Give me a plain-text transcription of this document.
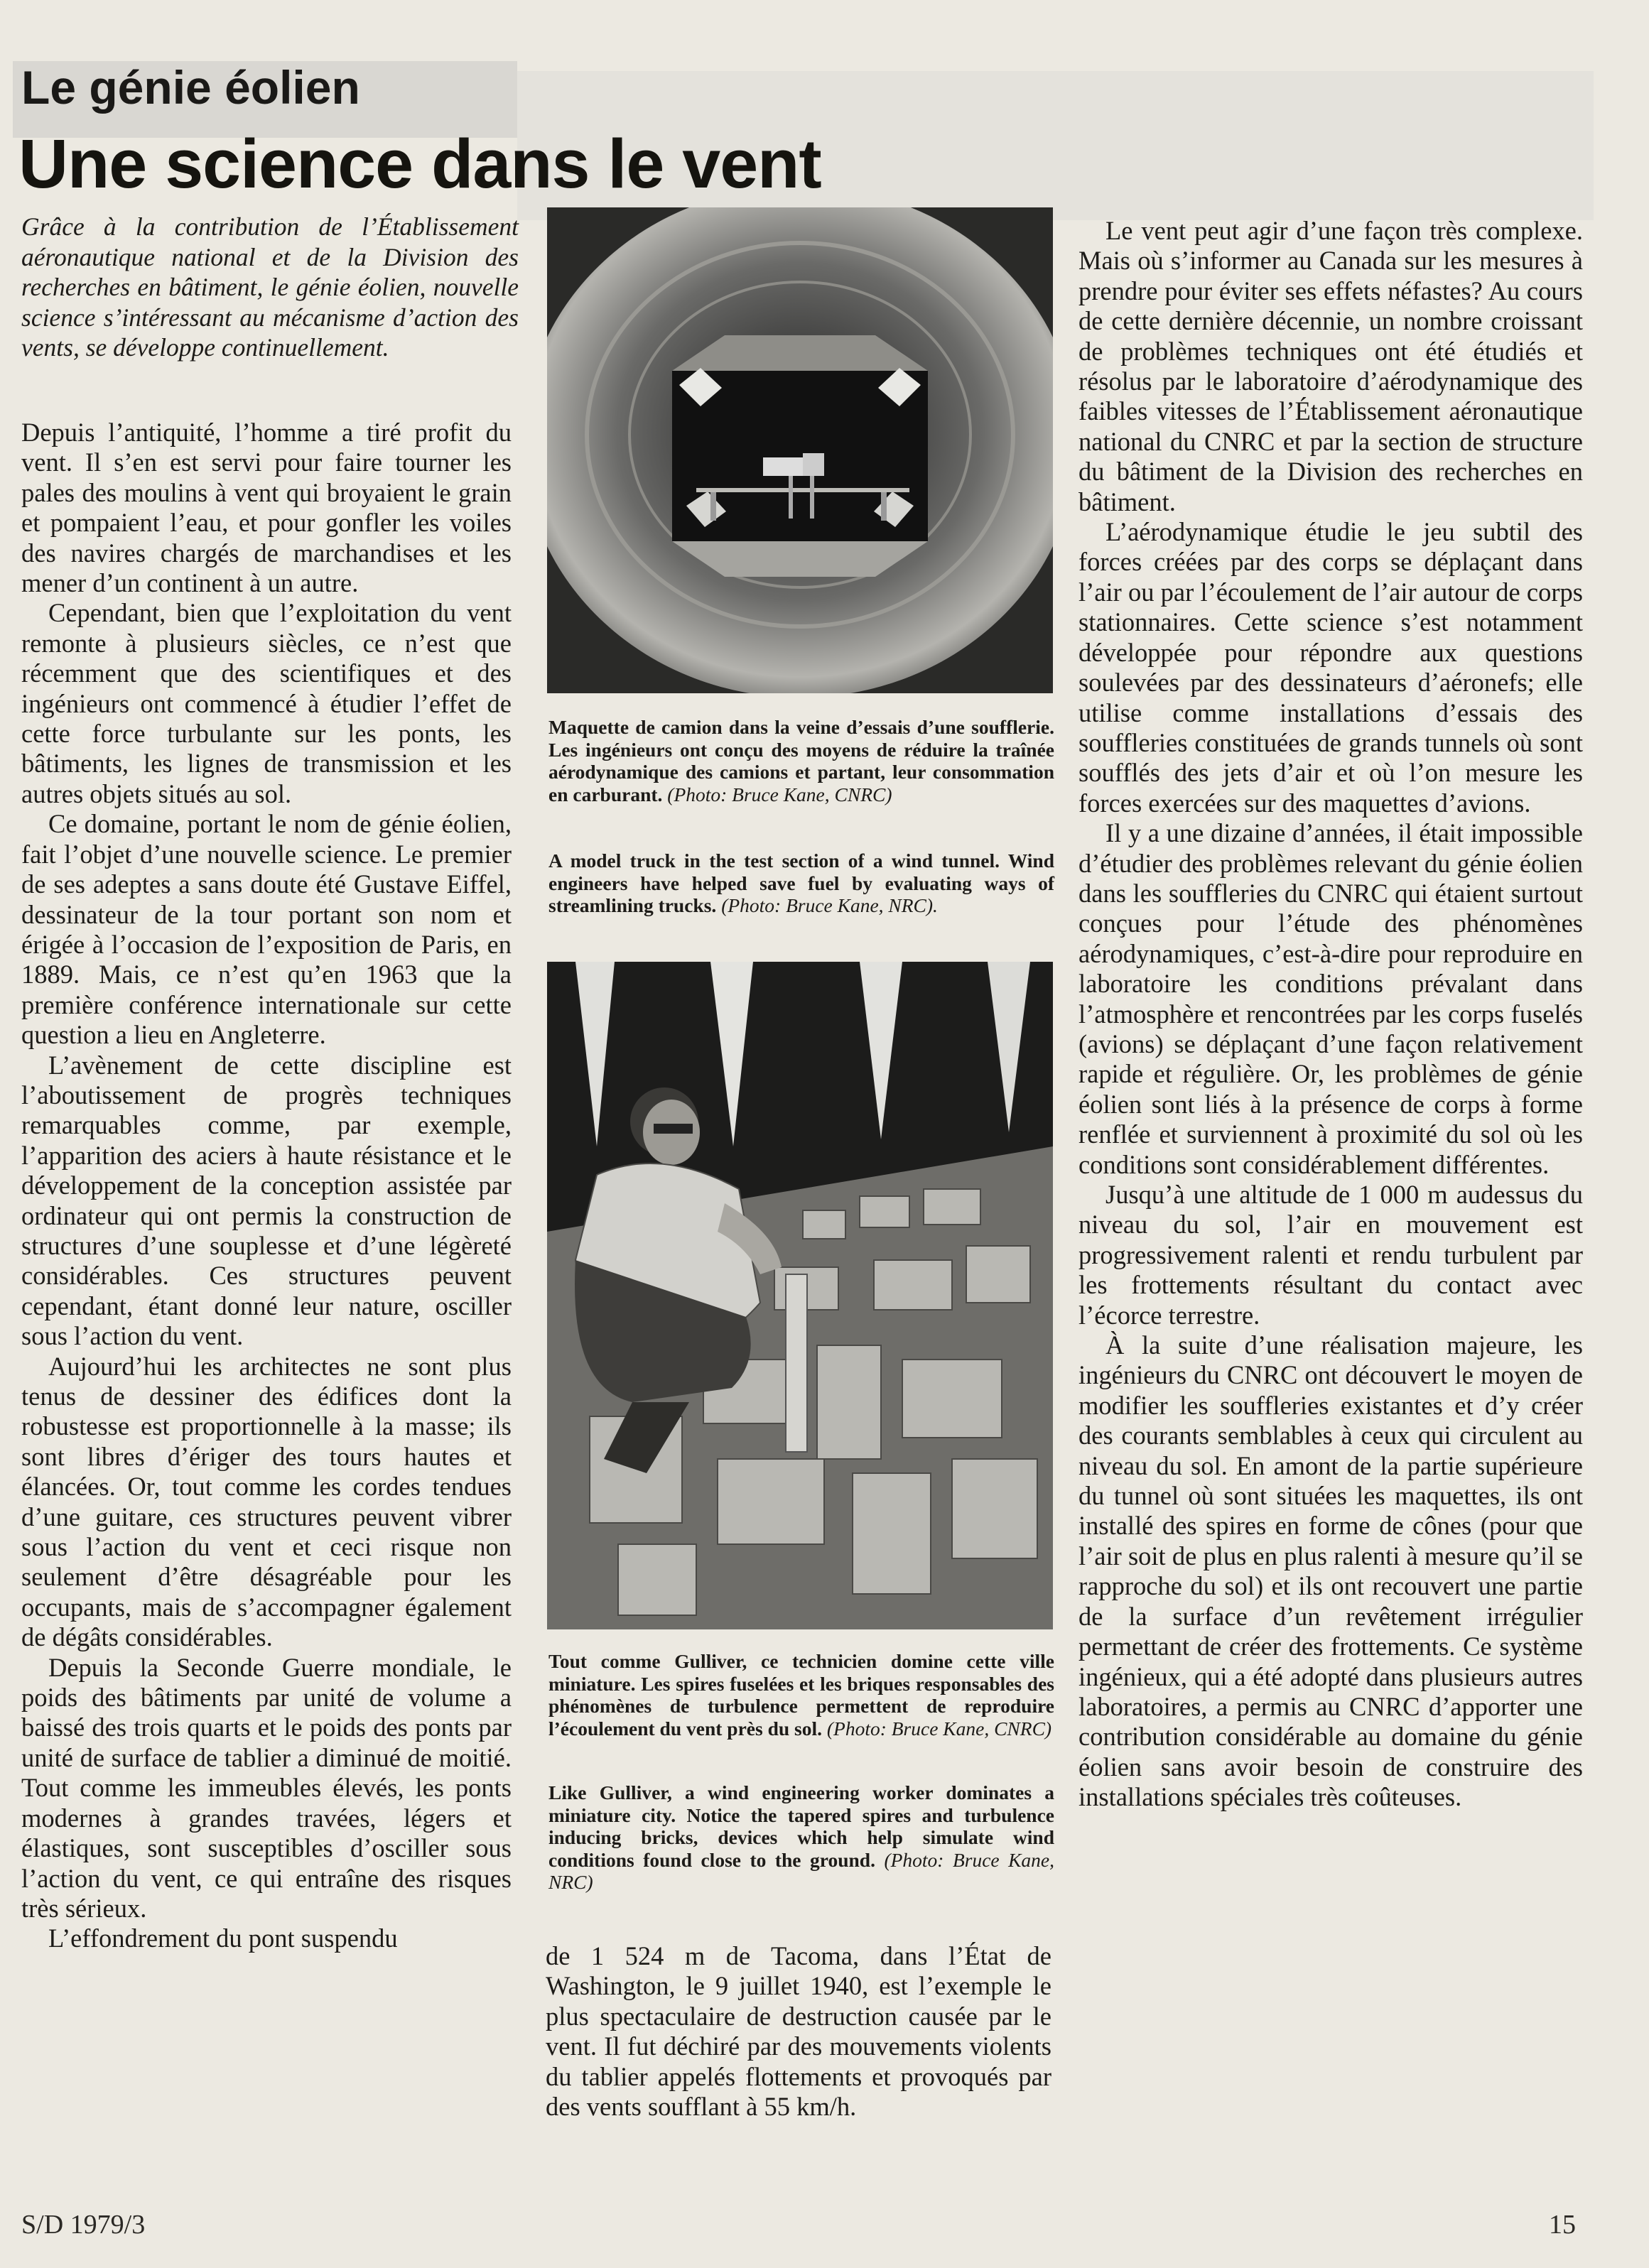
Le génie éolien
Une science dans le vent

Grâce à la contribution de l’Établissement aéronautique national et de la Division des recherches en bâtiment, le génie éolien, nouvelle science s’intéressant au mécanisme d’action des vents, se développe continuellement.

Depuis l’antiquité, l’homme a tiré profit du vent. Il s’en est servi pour faire tourner les pales des moulins à vent qui broyaient le grain et pompaient l’eau, et pour gonfler les voiles des navires chargés de marchandises et les mener d’un continent à un autre.

Cependant, bien que l’exploitation du vent remonte à plusieurs siècles, ce n’est que récemment que des scientifiques et des ingénieurs ont commencé à étudier l’effet de cette force turbulante sur les ponts, les bâtiments, les lignes de transmission et les autres objets situés au sol.

Ce domaine, portant le nom de génie éolien, fait l’objet d’une nouvelle science. Le premier de ses adeptes a sans doute été Gustave Eiffel, dessinateur de la tour portant son nom et érigée à l’occasion de l’exposition de Paris, en 1889. Mais, ce n’est qu’en 1963 que la première conférence internationale sur cette question a lieu en Angleterre.

L’avènement de cette discipline est l’aboutissement de progrès techniques remarquables comme, par exemple, l’apparition des aciers à haute résistance et le développement de la conception assistée par ordinateur qui ont permis la construction de structures d’une souplesse et d’une légèreté considérables. Ces structures peuvent cependant, étant donné leur nature, osciller sous l’action du vent.

Aujourd’hui les architectes ne sont plus tenus de dessiner des édifices dont la robustesse est proportionnelle à la masse; ils sont libres d’ériger des tours hautes et élancées. Or, tout comme les cordes tendues d’une guitare, ces structures peuvent vibrer sous l’action du vent et ceci risque non seulement d’être désagréable pour les occupants, mais de s’accompagner également de dégâts considérables.

Depuis la Seconde Guerre mondiale, le poids des bâtiments par unité de volume a baissé des trois quarts et le poids des ponts par unité de surface de tablier a diminué de moitié. Tout comme les immeubles élevés, les ponts modernes à grandes travées, légers et élastiques, sont susceptibles d’osciller sous l’action du vent, ce qui entraîne des risques très sérieux.

L’effondrement du pont suspendu

Maquette de camion dans la veine d’essais d’une soufflerie. Les ingénieurs ont conçu des moyens de réduire la traînée aérodynamique des camions et partant, leur consommation en carburant. (Photo: Bruce Kane, CNRC)

A model truck in the test section of a wind tunnel. Wind engineers have helped save fuel by evaluating ways of streamlining trucks. (Photo: Bruce Kane, NRC).

Tout comme Gulliver, ce technicien domine cette ville miniature. Les spires fuselées et les briques responsables des phénomènes de turbulence permettent de reproduire l’écoulement du vent près du sol. (Photo: Bruce Kane, CNRC)

Like Gulliver, a wind engineering worker dominates a miniature city. Notice the tapered spires and turbulence inducing bricks, devices which help simulate wind conditions found close to the ground. (Photo: Bruce Kane, NRC)

de 1 524 m de Tacoma, dans l’État de Washington, le 9 juillet 1940, est l’exemple le plus spectaculaire de destruction causée par le vent. Il fut déchiré par des mouvements violents du tablier appelés flottements et provoqués par des vents soufflant à 55 km/h.

Le vent peut agir d’une façon très complexe. Mais où s’informer au Canada sur les mesures à prendre pour éviter ses effets néfastes? Au cours de cette dernière décennie, un nombre croissant de problèmes techniques ont été étudiés et résolus par le laboratoire d’aérodynamique des faibles vitesses de l’Établissement aéronautique national du CNRC et par la section de structure du bâtiment de la Division des recherches en bâtiment.

L’aérodynamique étudie le jeu subtil des forces créées par des corps se déplaçant dans l’air ou par l’écoulement de l’air autour de corps stationnaires. Cette science s’est notamment développée pour répondre aux questions soulevées par des dessinateurs d’aéronefs; elle utilise comme installations d’essais des souffleries constituées de grands tunnels où sont soufflés des jets d’air et où l’on mesure les forces exercées sur des maquettes d’avions.

Il y a une dizaine d’années, il était impossible d’étudier des problèmes relevant du génie éolien dans les souffleries du CNRC qui étaient surtout conçues pour l’étude des phénomènes aérodynamiques, c’est-à-dire pour reproduire en laboratoire les conditions prévalant dans l’atmosphère et rencontrées par les corps fuselés (avions) se déplaçant d’une façon relativement rapide et régulière. Or, les problèmes de génie éolien sont liés à la présence de corps à forme renflée et surviennent à proximité du sol où les conditions sont considérablement différentes.

Jusqu’à une altitude de 1 000 m audessus du niveau du sol, l’air en mouvement est progressivement ralenti et rendu turbulent par les frottements résultant du contact avec l’écorce terrestre.

À la suite d’une réalisation majeure, les ingénieurs du CNRC ont découvert le moyen de modifier les souffleries existantes et d’y créer des courants semblables à ceux qui circulent au niveau du sol. En amont de la partie supérieure du tunnel où sont situées les maquettes, ils ont installé des spires en forme de cônes (pour que l’air soit de plus en plus ralenti à mesure qu’il se rapproche du sol) et ils ont recouvert une partie de la surface d’un revêtement irrégulier permettant de créer des frottements. Ce système ingénieux, qui a été adopté dans plusieurs autres laboratoires, a permis au CNRC d’apporter une contribution considérable au domaine du génie éolien sans avoir besoin de construire des installations spéciales très coûteuses.

S/D 1979/3	15
